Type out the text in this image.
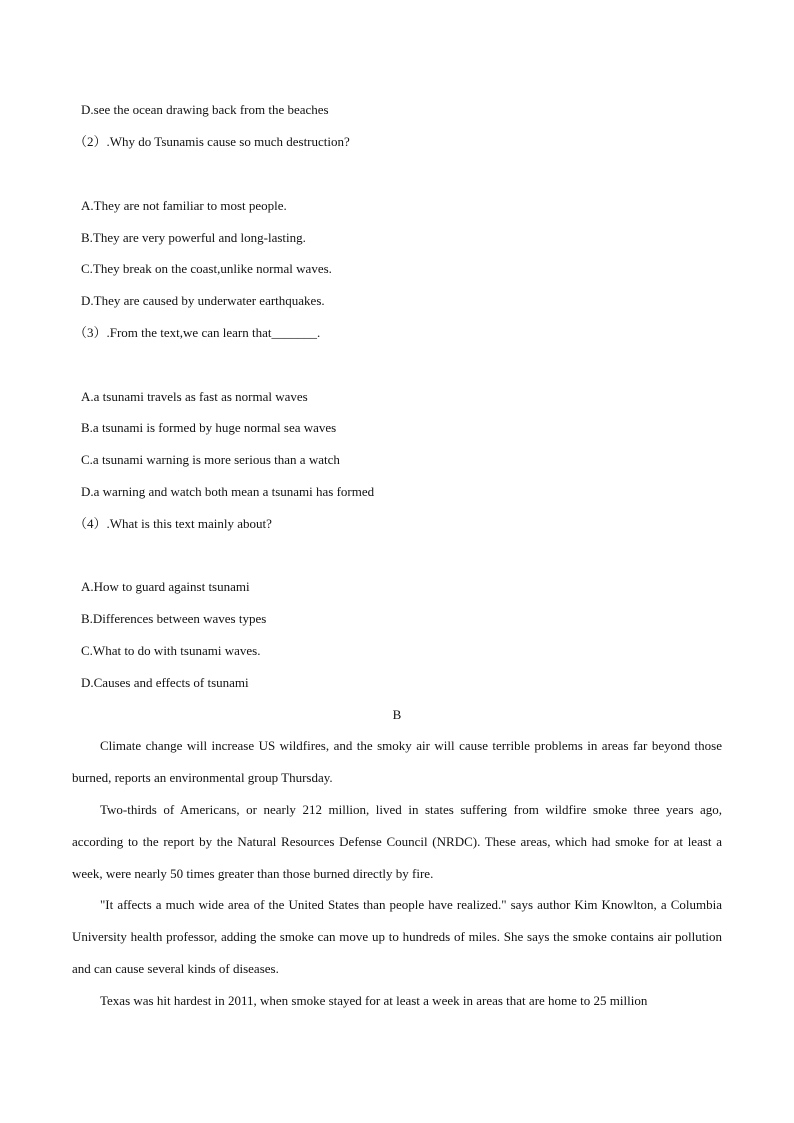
D.see the ocean drawing back from the beaches
（2）.Why do Tsunamis cause so much destruction?
A.They are not familiar to most people.
B.They are very powerful and long-lasting.
C.They break on the coast,unlike normal waves.
D.They are caused by underwater earthquakes.
（3）.From the text,we can learn that_______.
A.a tsunami travels as fast as normal waves
B.a tsunami is formed by huge normal sea waves
C.a tsunami warning is more serious than a watch
D.a warning and watch both mean a tsunami has formed
（4）.What is this text mainly about?
A.How to guard against tsunami
B.Differences between waves types
C.What to do with tsunami waves.
D.Causes and effects of tsunami
B

Climate change will increase US wildfires, and the smoky air will cause terrible problems in areas far beyond those burned, reports an environmental group Thursday.

Two-thirds of Americans, or nearly 212 million, lived in states suffering from wildfire smoke three years ago, according to the report by the Natural Resources Defense Council (NRDC). These areas, which had smoke for at least a week, were nearly 50 times greater than those burned directly by fire.

"It affects a much wide area of the United States than people have realized." says author Kim Knowlton, a Columbia University health professor, adding the smoke can move up to hundreds of miles. She says the smoke contains air pollution and can cause several kinds of diseases.

Texas was hit hardest in 2011, when smoke stayed for at least a week in areas that are home to 25 million
